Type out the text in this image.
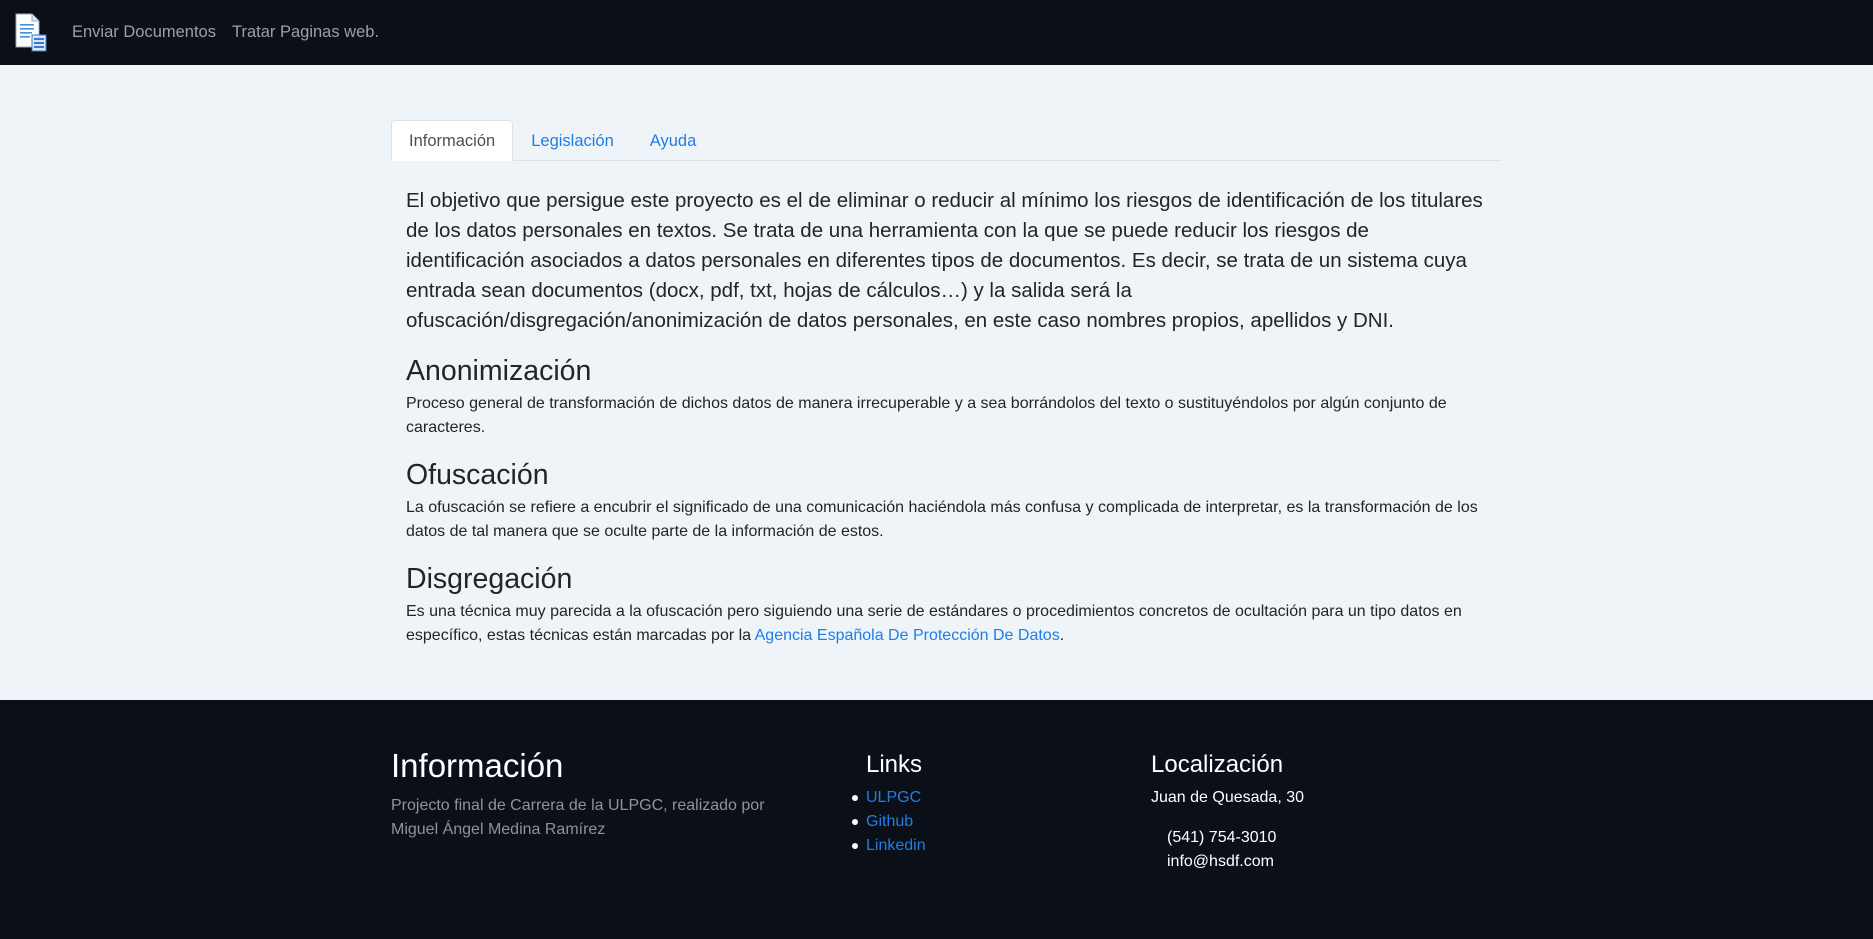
Enviar Documentos Tratar Paginas web.
Información	Legislación	Ayuda

El objetivo que persigue este proyecto es el de eliminar o reducir al mínimo los riesgos de identificación de los titulares de los datos personales en textos. Se trata de una herramienta con la que se puede reducir los riesgos de identificación asociados a datos personales en diferentes tipos de documentos. Es decir, se trata de un sistema cuya entrada sean documentos (docx, pdf, txt, hojas de cálculos…) y la salida será la ofuscación/disgregación/anonimización de datos personales, en este caso nombres propios, apellidos y DNI.

Anonimización

Proceso general de transformación de dichos datos de manera irrecuperable y a sea borrándolos del texto o sustituyéndolos por algún conjunto de caracteres.

Ofuscación

La ofuscación se refiere a encubrir el significado de una comunicación haciéndola más confusa y complicada de interpretar, es la transformación de los datos de tal manera que se oculte parte de la información de estos.

Disgregación

Es una técnica muy parecida a la ofuscación pero siguiendo una serie de estándares o procedimientos concretos de ocultación para un tipo datos en específico, estas técnicas están marcadas por la Agencia Española De Protección De Datos.

Información

Projecto final de Carrera de la ULPGC, realizado por Miguel Ángel Medina Ramírez

Links
ULPGC
Github
Linkedin
Localización
Juan de Quesada, 30
(541) 754-3010
info@hsdf.com
